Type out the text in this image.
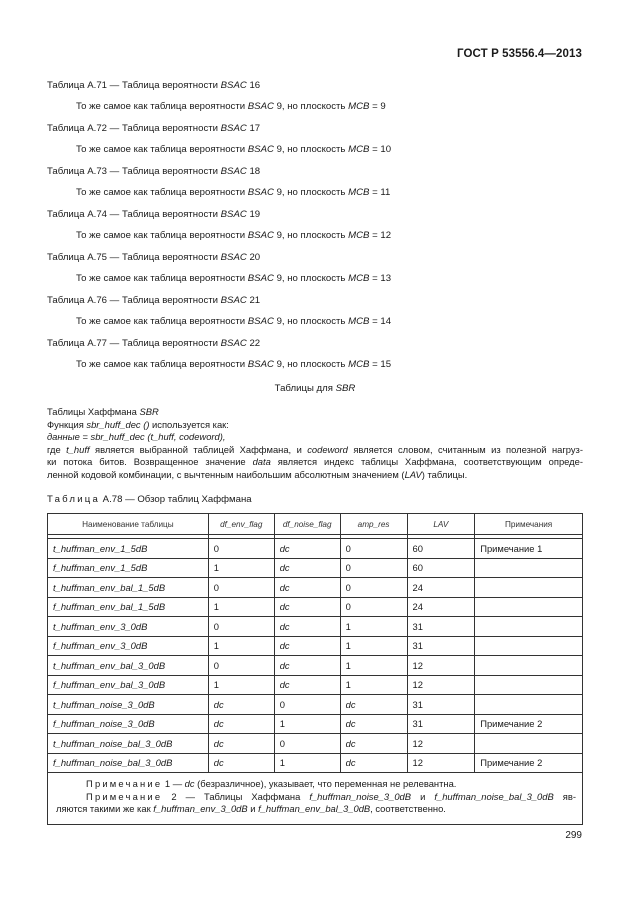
ГОСТ Р 53556.4—2013
Таблица А.71 — Таблица вероятности BSAC 16
То же самое как таблица вероятности BSAC 9, но плоскость MCB = 9
Таблица А.72 — Таблица вероятности BSAC 17
То же самое как таблица вероятности BSAC 9, но плоскость MCB = 10
Таблица А.73 — Таблица вероятности BSAC 18
То же самое как таблица вероятности BSAC 9, но плоскость MCB = 11
Таблица А.74 — Таблица вероятности BSAC 19
То же самое как таблица вероятности BSAC 9, но плоскость MCB = 12
Таблица А.75 — Таблица вероятности BSAC 20
То же самое как таблица вероятности BSAC 9, но плоскость MCB = 13
Таблица А.76 — Таблица вероятности BSAC 21
То же самое как таблица вероятности BSAC 9, но плоскость MCB = 14
Таблица А.77 — Таблица вероятности BSAC 22
То же самое как таблица вероятности BSAC 9, но плоскость MCB = 15
Таблицы для SBR
Таблицы Хаффмана SBR
Функция sbr_huff_dec () используется как:
данные = sbr_huff_dec (t_huff, codeword),
где t_huff является выбранной таблицей Хаффмана, и codeword является словом, считанным из полезной нагруз-
ки потока битов. Возвращенное значение data является индекс таблицы Хаффмана, соответствующим опреде-
ленной кодовой комбинации, с вычтенным наибольшим абсолютным значением (LAV) таблицы.
Таблица А.78 — Обзор таблиц Хаффмана
Наименование таблицы	df_env_flag	df_noise_flag	amp_res	LAV	Примечания

t_huffman_env_1_5dB	0	dc	0	60	Примечание 1
f_huffman_env_1_5dB	1	dc	0	60	
t_huffman_env_bal_1_5dB	0	dc	0	24	
f_huffman_env_bal_1_5dB	1	dc	0	24	
t_huffman_env_3_0dB	0	dc	1	31	
f_huffman_env_3_0dB	1	dc	1	31	
t_huffman_env_bal_3_0dB	0	dc	1	12	
f_huffman_env_bal_3_0dB	1	dc	1	12	
t_huffman_noise_3_0dB	dc	0	dc	31	
f_huffman_noise_3_0dB	dc	1	dc	31	Примечание 2
t_huffman_noise_bal_3_0dB	dc	0	dc	12	
f_huffman_noise_bal_3_0dB	dc	1	dc	12	Примечание 2

Примечание 1 — dc (безразличное), указывает, что переменная не релевантна.
Примечание 2 — Таблицы Хаффмана f_huffman_noise_3_0dB и f_huffman_noise_bal_3_0dB яв-
ляются такими же как f_huffman_env_3_0dB и f_huffman_env_bal_3_0dB, соответственно.					
299
